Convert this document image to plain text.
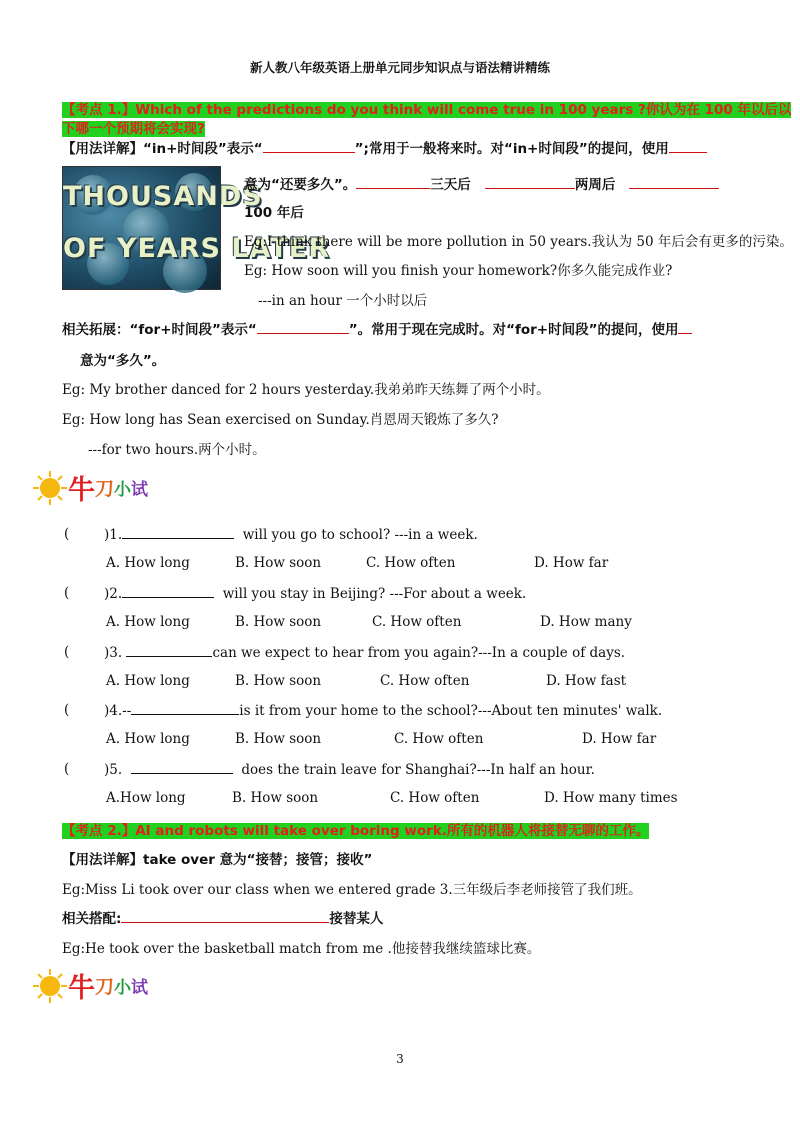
新人教八年级英语上册单元同步知识点与语法精讲精练
【考点 1.】Which of the predictions do you think will come true in 100 years ?你认为在 100 年以后以
下哪一个预期将会实现?
【用法详解】“in+时间段”表示“	”;常用于一般将来时。对“in+时间段”的提问，使用
THOUSANDS
OF YEARS LATER
意为“还要多久”。	三天后	两周后
100 年后
Eg:I think there will be more pollution in 50 years.我认为 50 年后会有更多的污染。
Eg: How soon will you finish your homework?你多久能完成作业?
---in an hour 一个小时以后
相关拓展：“for+时间段”表示“	”。常用于现在完成时。对“for+时间段”的提问，使用
意为“多久”。
Eg: My brother danced for 2 hours yesterday.我弟弟昨天练舞了两个小时。
Eg: How long has Sean exercised on Sunday.肖恩周天锻炼了多久?
---for two hours.两个小时。
牛刀小试
(	)1.	will you go to school? ---in a week.
A. How long	B. How soon	C. How often	D. How far
(	)2.	will you stay in Beijing? ---For about a week.
A. How long	B. How soon	C. How often	D. How many
(	)3.	can we expect to hear from you again?---In a couple of days.
A. How long	B. How soon	C. How often	D. How fast
(	)4.--	is it from your home to the school?---About ten minutes' walk.
A. How long	B. How soon	C. How often	D. How far
(	)5.	does the train leave for Shanghai?---In half an hour.
A.How long	B. How soon	C. How often	D. How many times
【考点 2.】AI and robots will take over boring work.所有的机器人将接替无聊的工作。
【用法详解】take over 意为“接替；接管；接收”
Eg:Miss Li took over our class when we entered grade 3.三年级后李老师接管了我们班。
相关搭配:	接替某人
Eg:He took over the basketball match from me .他接替我继续篮球比赛。
牛刀小试
3
